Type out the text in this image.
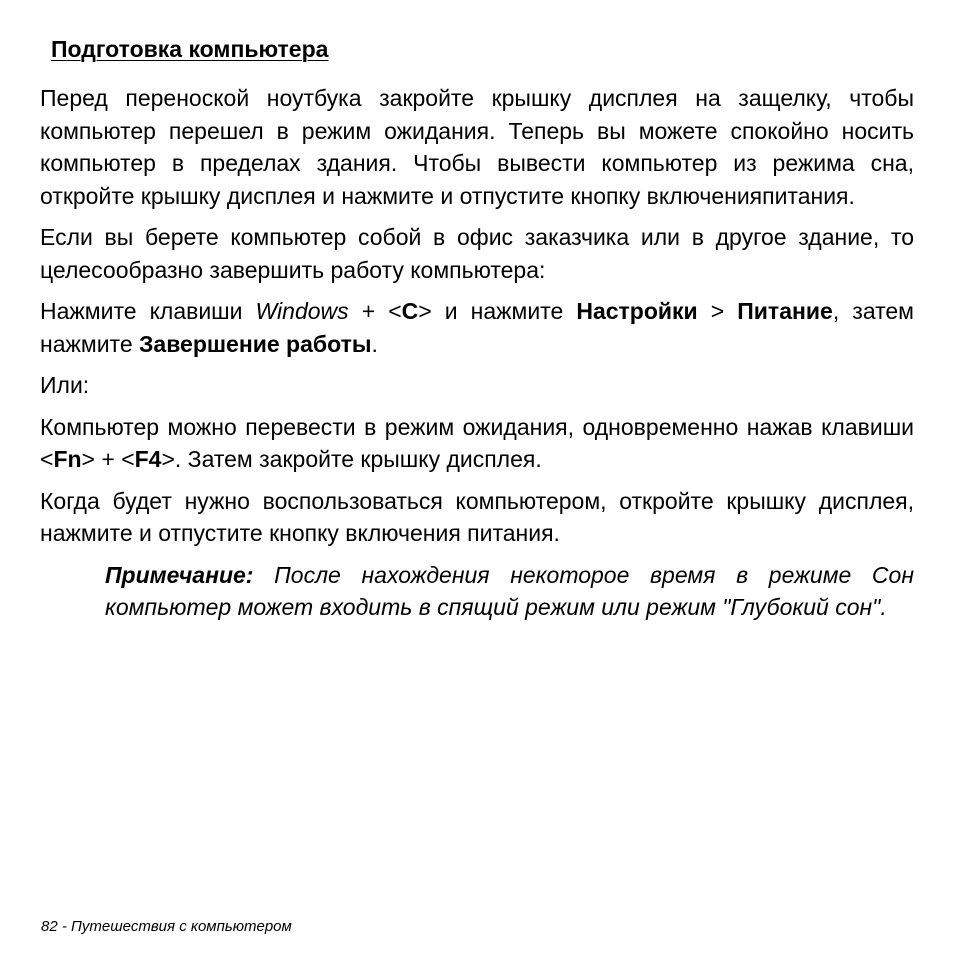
Подготовка компьютера

Перед переноской ноутбука закройте крышку дисплея на защелку, чтобы компьютер перешел в режим ожидания. Теперь вы можете спокойно носить компьютер в пределах здания. Чтобы вывести компьютер из режима сна, откройте крышку дисплея и нажмите и отпустите кнопку включенияпитания.

Если вы берете компьютер собой в офис заказчика или в другое здание, то целесообразно завершить работу компьютера:

Нажмите клавиши Windows + <C> и нажмите Настройки > Питание, затем нажмите Завершение работы.

Или:

Компьютер можно перевести в режим ожидания, одновременно нажав клавиши <Fn> + <F4>. Затем закройте крышку дисплея.

Когда будет нужно воспользоваться компьютером, откройте крышку дисплея, нажмите и отпустите кнопку включения питания.

Примечание: После нахождения некоторое время в режиме Сон компьютер может входить в спящий режим или режим "Глубокий сон".

82 - Путешествия с компьютером
